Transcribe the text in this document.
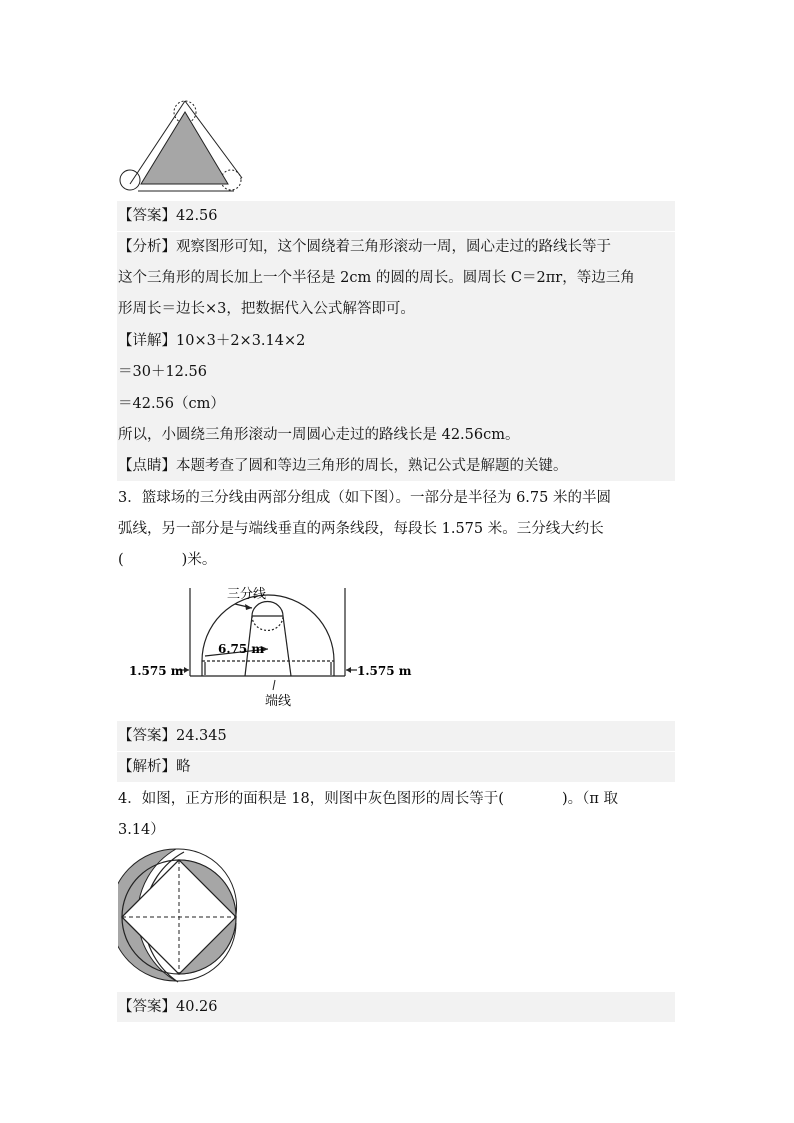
【答案】42.56
【分析】观察图形可知，这个圆绕着三角形滚动一周，圆心走过的路线长等于
这个三角形的周长加上一个半径是 2cm 的圆的周长。圆周长 C＝2πr，等边三角
形周长＝边长×3，把数据代入公式解答即可。
【详解】10×3＋2×3.14×2
＝30＋12.56
＝42.56（cm）
所以，小圆绕三角形滚动一周圆心走过的路线长是 42.56cm。
【点睛】本题考查了圆和等边三角形的周长，熟记公式是解题的关键。
3．篮球场的三分线由两部分组成（如下图）。一部分是半径为 6.75 米的半圆
弧线，另一部分是与端线垂直的两条线段，每段长 1.575 米。三分线大约长
(　　　　)米。
三分线
6.75 m
1.575 m	1.575 m
端线
【答案】24.345
【解析】略
4．如图，正方形的面积是 18，则图中灰色图形的周长等于(　　　　)。（π 取
3.14）
【答案】40.26
